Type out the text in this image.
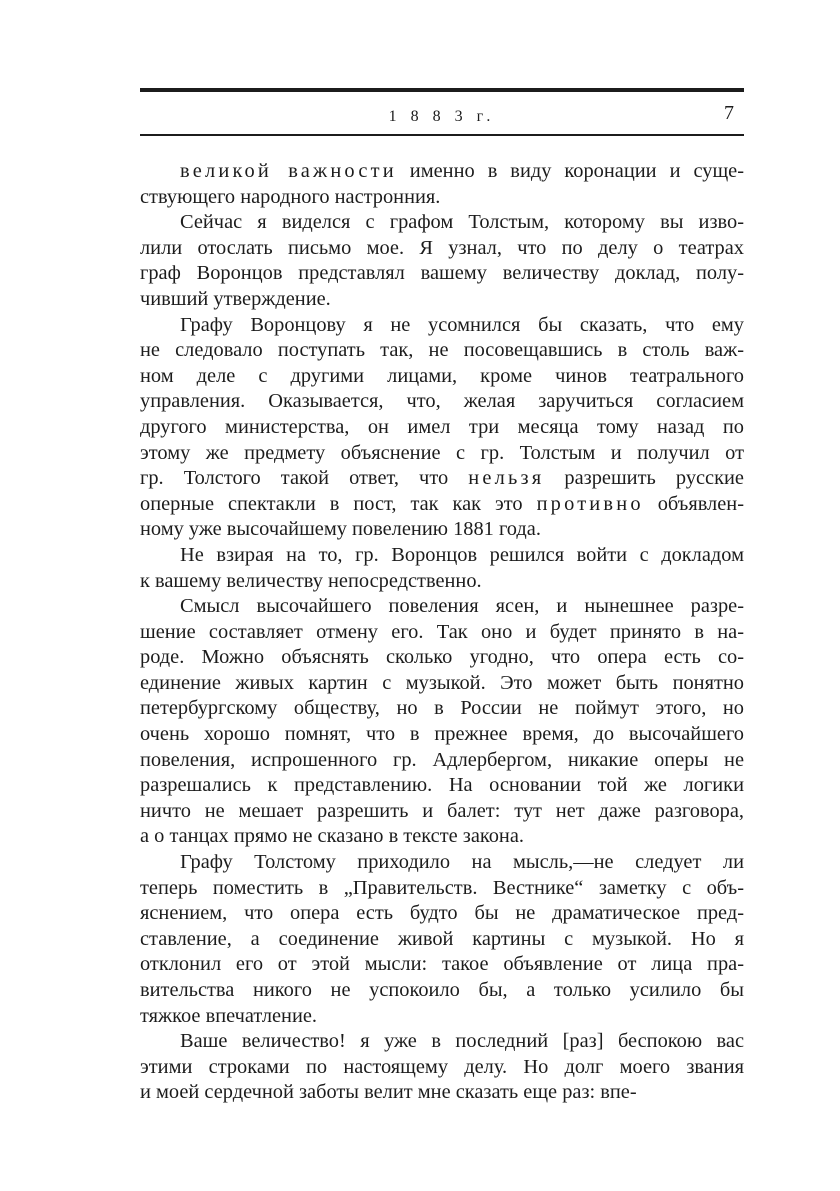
1 8 8 3 г.	7
великой важности именно в виду коронации и суще-
ствующего народного настронния.
Сейчас я виделся с графом Толстым, которому вы изво-
лили отослать письмо мое. Я узнал, что по делу о театрах
граф Воронцов представлял вашему величеству доклад, полу-
чивший утверждение.
Графу Воронцову я не усомнился бы сказать, что ему
не следовало поступать так, не посовещавшись в столь важ-
ном деле с другими лицами, кроме чинов театрального
управления. Оказывается, что, желая заручиться согласием
другого министерства, он имел три месяца тому назад по
этому же предмету объяснение с гр. Толстым и получил от
гр. Толстого такой ответ, что нельзя разрешить русские
оперные спектакли в пост, так как это противно объявлен-
ному уже высочайшему повелению 1881 года.
Не взирая на то, гр. Воронцов решился войти с докладом
к вашему величеству непосредственно.
Смысл высочайшего повеления ясен, и нынешнее разре-
шение составляет отмену его. Так оно и будет принято в на-
роде. Можно объяснять сколько угодно, что опера есть со-
единение живых картин с музыкой. Это может быть понятно
петербургскому обществу, но в России не поймут этого, но
очень хорошо помнят, что в прежнее время, до высочайшего
повеления, испрошенного гр. Адлербергом, никакие оперы не
разрешались к представлению. На основании той же логики
ничто не мешает разрешить и балет: тут нет даже разговора,
а о танцах прямо не сказано в тексте закона.
Графу Толстому приходило на мысль,—не следует ли
теперь поместить в „Правительств. Вестнике“ заметку с объ-
яснением, что опера есть будто бы не драматическое пред-
ставление, а соединение живой картины с музыкой. Но я
отклонил его от этой мысли: такое объявление от лица пра-
вительства никого не успокоило бы, а только усилило бы
тяжкое впечатление.
Ваше величество! я уже в последний [раз] беспокою вас
этими строками по настоящему делу. Но долг моего звания
и моей сердечной заботы велит мне сказать еще раз: впе-
